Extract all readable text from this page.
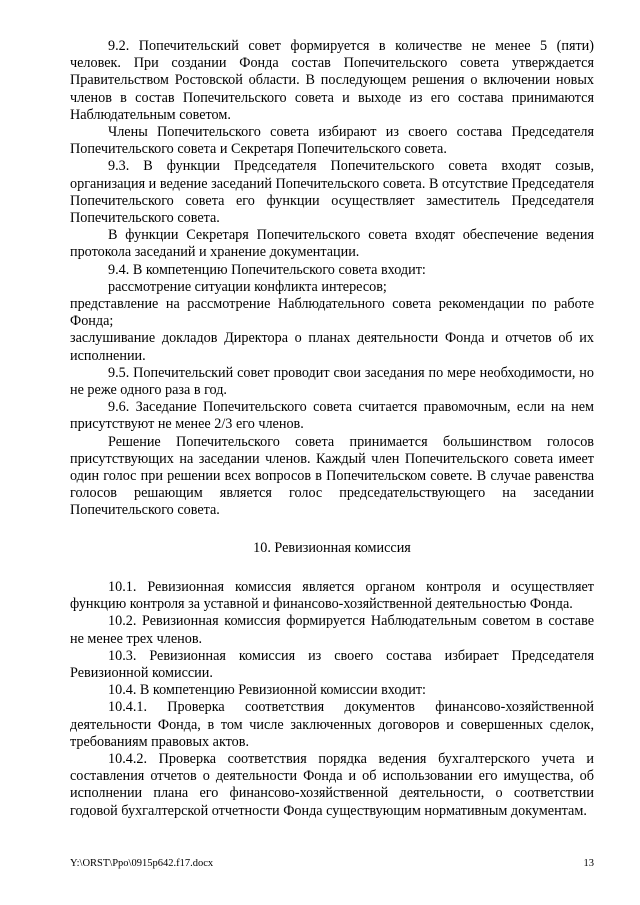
9.2. Попечительский совет формируется в количестве не менее 5 (пяти) человек. При создании Фонда состав Попечительского совета утверждается Правительством Ростовской области. В последующем решения о включении новых членов в состав Попечительского совета и выходе из его состава принимаются Наблюдательным советом.

Члены Попечительского совета избирают из своего состава Председателя Попечительского совета и Секретаря Попечительского совета.

9.3. В функции Председателя Попечительского совета входят созыв, организация и ведение заседаний Попечительского совета. В отсутствие Председателя Попечительского совета его функции осуществляет заместитель Председателя Попечительского совета.

В функции Секретаря Попечительского совета входят обеспечение ведения протокола заседаний и хранение документации.

9.4. В компетенцию Попечительского совета входит:

рассмотрение ситуации конфликта интересов;

представление на рассмотрение Наблюдательного совета рекомендации по работе Фонда;

заслушивание докладов Директора о планах деятельности Фонда и отчетов об их исполнении.

9.5. Попечительский совет проводит свои заседания по мере необходимости, но не реже одного раза в год.

9.6. Заседание Попечительского совета считается правомочным, если на нем присутствуют не менее 2/3 его членов.

Решение Попечительского совета принимается большинством голосов присутствующих на заседании членов. Каждый член Попечительского совета имеет один голос при решении всех вопросов в Попечительском совете. В случае равенства голосов решающим является голос председательствующего на заседании Попечительского совета.

10. Ревизионная комиссия

10.1. Ревизионная комиссия является органом контроля и осуществляет функцию контроля за уставной и финансово-хозяйственной деятельностью Фонда.

10.2. Ревизионная комиссия формируется Наблюдательным советом в составе не менее трех членов.

10.3. Ревизионная комиссия из своего состава избирает Председателя Ревизионной комиссии.

10.4. В компетенцию Ревизионной комиссии входит:

10.4.1. Проверка соответствия документов финансово-хозяйственной деятельности Фонда, в том числе заключенных договоров и совершенных сделок, требованиям правовых актов.

10.4.2. Проверка соответствия порядка ведения бухгалтерского учета и составления отчетов о деятельности Фонда и об использовании его имущества, об исполнении плана его финансово-хозяйственной деятельности, о соответствии годовой бухгалтерской отчетности Фонда существующим нормативным документам.

Y:\ORST\Ppo\0915p642.f17.docx	13
